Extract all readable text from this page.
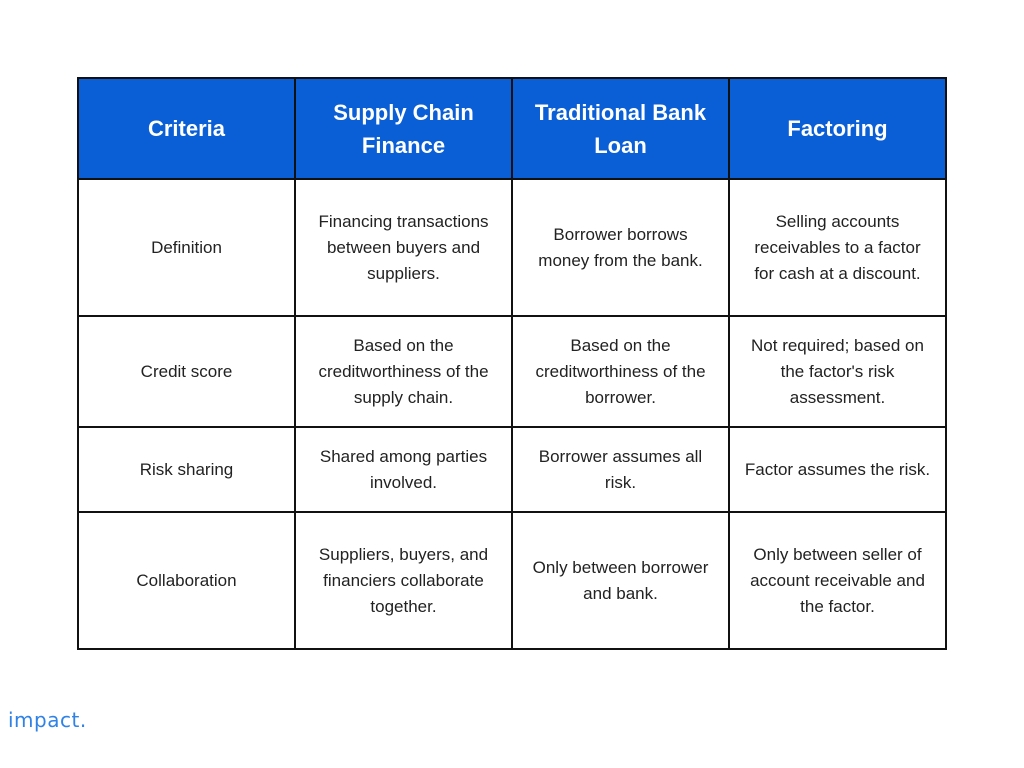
Criteria	Supply Chain Finance	Traditional Bank Loan	Factoring
Definition	Financing transactions between buyers and suppliers.	Borrower borrows money from the bank.	Selling accounts receivables to a factor for cash at a discount.
Credit score	Based on the creditworthiness of the supply chain.	Based on the creditworthiness of the borrower.	Not required; based on the factor's risk assessment.
Risk sharing	Shared among parties involved.	Borrower assumes all risk.	Factor assumes the risk.
Collaboration	Suppliers, buyers, and financiers collaborate together.	Only between borrower and bank.	Only between seller of account receivable and the factor.
impact.
